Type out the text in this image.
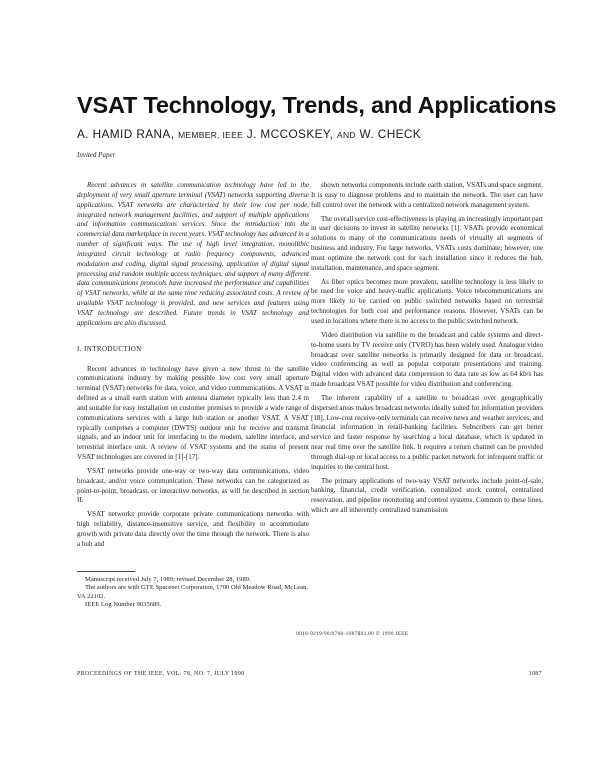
VSAT Technology, Trends, and Applications
A. HAMID RANA, MEMBER, IEEE J. MCCOSKEY, AND W. CHECK
Invited Paper

Recent advances in satellite communication technology have led to the deployment of very small aperture terminal (VSAT) networks supporting diverse applications. VSAT networks are characterized by their low cost per node, integrated network management facilities, and support of multiple applications and information communications services. Since the introduction into the commercial data marketplace in recent years, VSAT technology has advanced in a number of significant ways. The use of high level integration, monolithic integrated circuit technology at radio frequency components, advanced modulation and coding, digital signal processing, application of digital signal processing and random multiple access techniques, and support of many different data communications protocols have increased the performance and capabilities of VSAT networks, while at the same time reducing associated costs. A review of available VSAT technology is provided, and new services and features using VSAT technology are described. Future trends in VSAT technology and applications are also discussed.

I. INTRODUCTION

Recent advances in technology have given a new thrust to the satellite communications industry by making possible low cost very small aperture terminal (VSAT) networks for data, voice, and video communications. A VSAT is defined as a small earth station with antenna diameter typically less than 2.4 m and suitable for easy installation on customer premises to provide a wide range of communications services with a large hub station or another VSAT. A VSAT typically comprises a computer (DWTS) outdoor unit for receive and transmit signals, and an indoor unit for interfacing to the modem, satellite interface, and terrestrial interface unit. A review of VSAT systems and the status of present VSAT technologies are covered in [1]-[17].

VSAT networks provide one-way or two-way data communications, video broadcast, and/or voice communication. These networks can be categorized as point-to-point, broadcast, or interactive networks, as will be described in section II.

VSAT networks provide corporate private communications networks with high reliability, distance-insensitive service, and flexibility to accommodate growth with private data directly over the time through the network. There is also a hub and

shown networks components include earth station, VSATs and space segment. It is easy to diagnose problems and to maintain the network. The user can have full control over the network with a centralized network management system.

The overall service cost-effectiveness is playing an increasingly important part in user decisions to invest in satellite networks [1]. VSATs provide economical solutions to many of the communications needs of virtually all segments of business and industry. For large networks, VSATs costs dominate; however, one must optimize the network cost for each installation since it reduces the hub, installation, maintenance, and space segment.

As fiber optics becomes more prevalent, satellite technology is less likely to be used for voice and heavy-traffic applications. Voice telecommunications are more likely to be carried on public switched networks based on terrestrial technologies for both cost and performance reasons. However, VSATs can be used in locations where there is no access to the public switched network.

Video distribution via satellite to the broadcast and cable systems and direct-to-home users by TV receive only (TVRO) has been widely used. Analogue video broadcast over satellite networks is primarily designed for data or broadcast, video conferencing as well as popular corporate presentations and training. Digital video with advanced data compression to data rate as low as 64 kb/s has made broadcast VSAT possible for video distribution and conferencing.

The inherent capability of a satellite to broadcast over geographically dispersed areas makes broadcast networks ideally suited for information providers [18]. Low-cost receive-only terminals can receive news and weather services, and financial information in retail-banking facilities. Subscribers can get better service and faster response by searching a local database, which is updated in near real time over the satellite link. It requires a return channel can be provided through dial-up or local access to a public packet network for infrequent traffic or inquiries to the central host.

The primary applications of two-way VSAT networks include point-of-sale, banking, financial, credit verification, centralized stock control, centralized reservation, and pipeline monitoring and control systems. Common to these lines, which are all inherently centralized transmission

Manuscript received July 7, 1989; revised December 28, 1989.

The authors are with GTE Spacenet Corporation, 1700 Old Meadow Road, McLean, VA 22102.

IEEE Log Number 9035689.

0018-9219/90/0700-1087$01.00 © 1990 IEEE
PROCEEDINGS OF THE IEEE, VOL. 78, NO. 7, JULY 1990	1087
